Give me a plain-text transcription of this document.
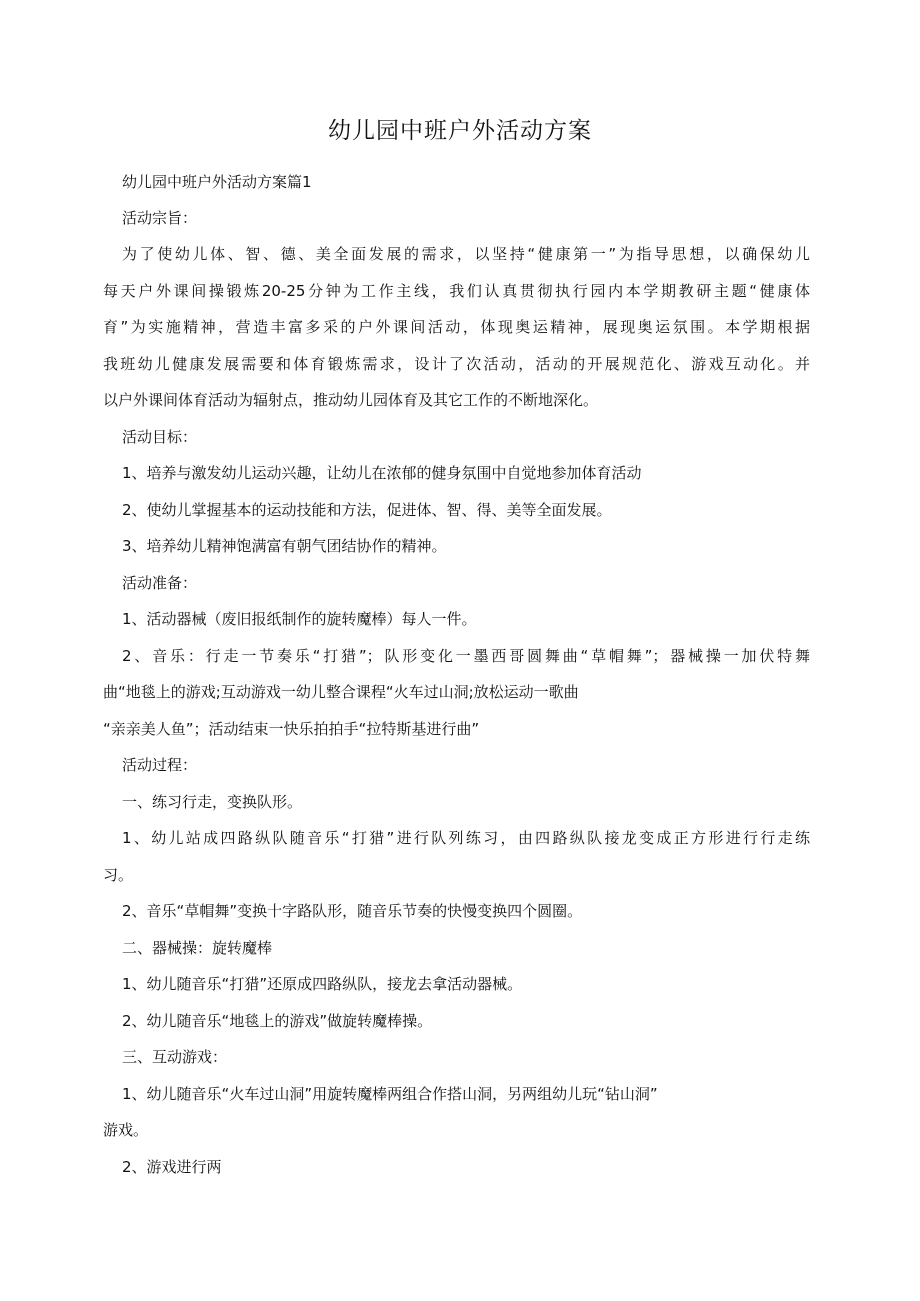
幼儿园中班户外活动方案
幼儿园中班户外活动方案篇1
活动宗旨：
为了使幼儿体、智、德、美全面发展的需求，以坚持“健康第一”为指导思想，以确保幼儿
每天户外课间操锻炼20-25分钟为工作主线，我们认真贯彻执行园内本学期教研主题“健康体
育”为实施精神，营造丰富多采的户外课间活动，体现奥运精神，展现奥运氛围。本学期根据
我班幼儿健康发展需要和体育锻炼需求，设计了次活动，活动的开展规范化、游戏互动化。并
以户外课间体育活动为辐射点，推动幼儿园体育及其它工作的不断地深化。
活动目标：
1、培养与激发幼儿运动兴趣，让幼儿在浓郁的健身氛围中自觉地参加体育活动
2、使幼儿掌握基本的运动技能和方法，促进体、智、得、美等全面发展。
3、培养幼儿精神饱满富有朝气团结协作的精神。
活动准备：
1、活动器械（废旧报纸制作的旋转魔棒）每人一件。
2、音乐：行走一节奏乐“打猎”；队形变化一墨西哥圆舞曲“草帽舞”；器械操一加伏特舞
曲“地毯上的游戏;互动游戏一幼儿整合课程“火车过山洞;放松运动一歌曲
“亲亲美人鱼”；活动结束一快乐拍拍手“拉特斯基进行曲”
活动过程：
一、练习行走，变换队形。
1、幼儿站成四路纵队随音乐“打猎”进行队列练习，由四路纵队接龙变成正方形进行行走练
习。
2、音乐“草帽舞”变换十字路队形，随音乐节奏的快慢变换四个圆圈。
二、器械操：旋转魔棒
1、幼儿随音乐“打猎”还原成四路纵队，接龙去拿活动器械。
2、幼儿随音乐“地毯上的游戏”做旋转魔棒操。
三、互动游戏：
1、幼儿随音乐“火车过山洞”用旋转魔棒两组合作搭山洞，另两组幼儿玩“钻山洞”
游戏。
2、游戏进行两
